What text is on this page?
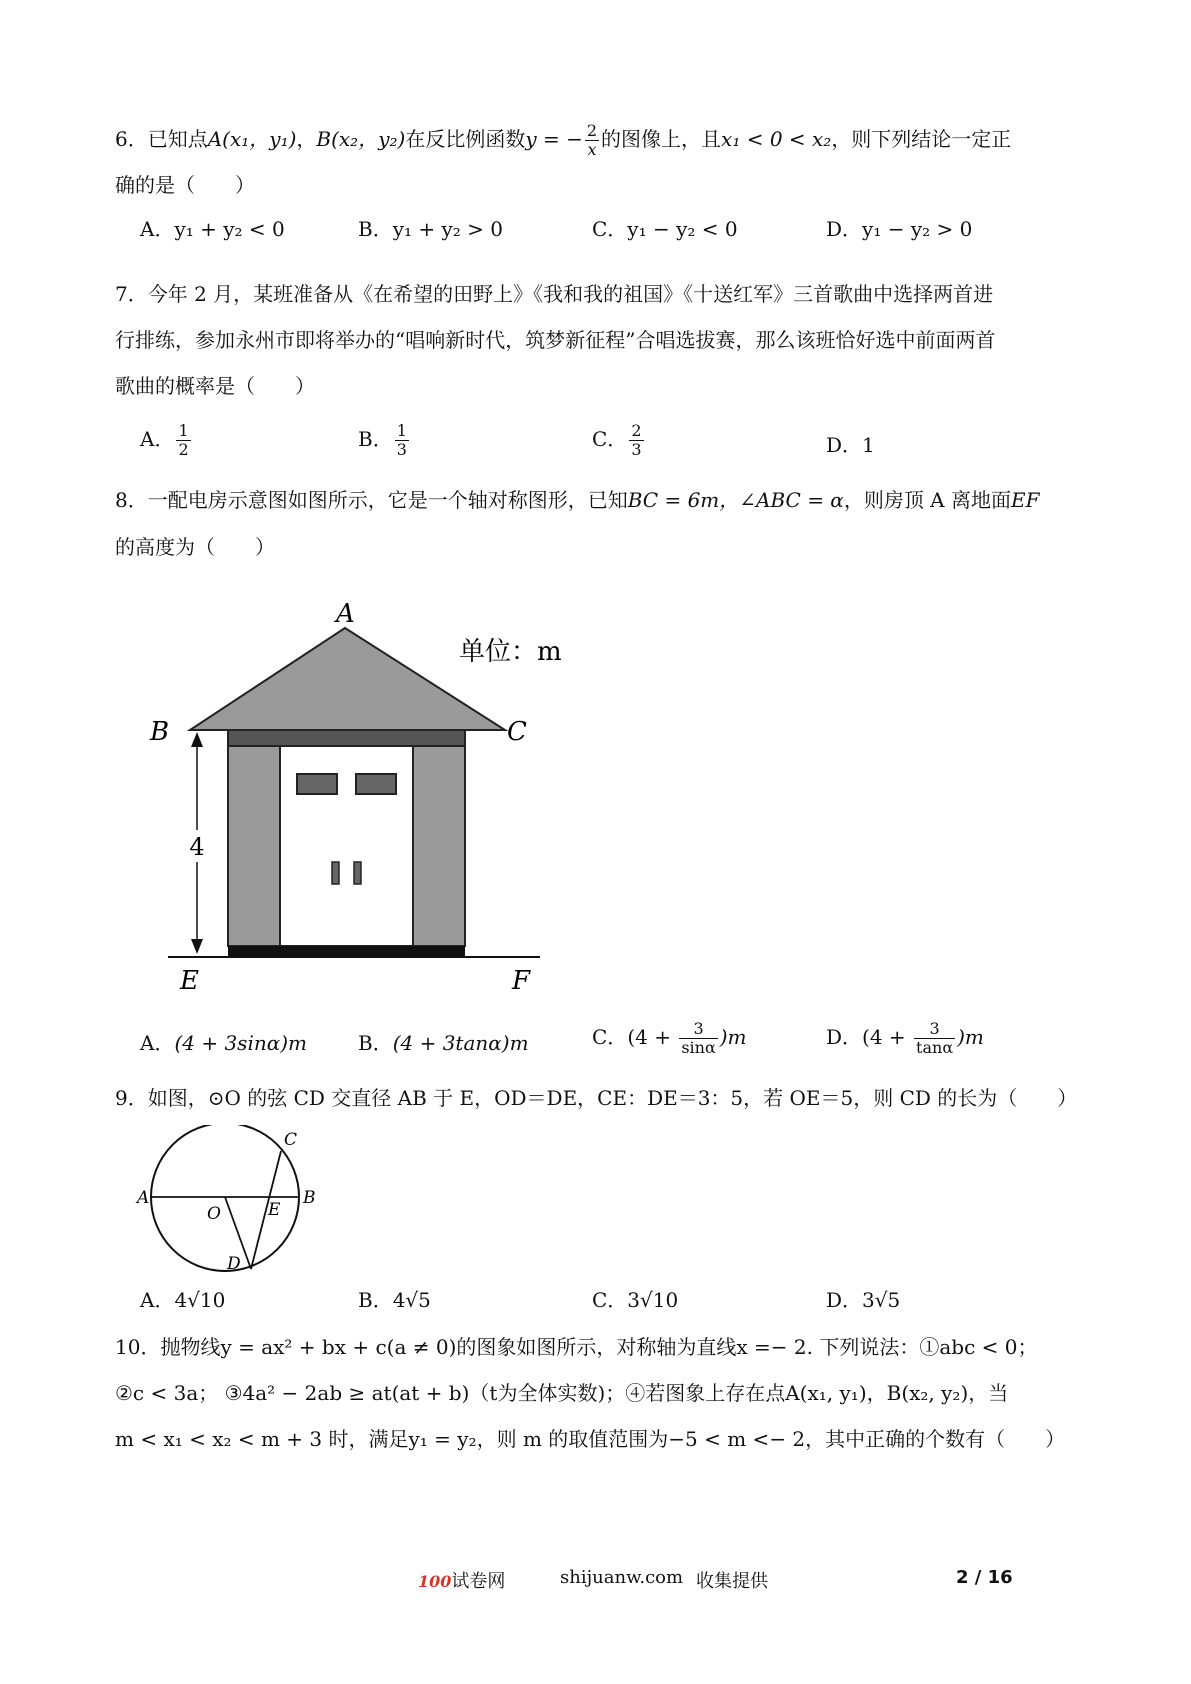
6．已知点A(x₁，y₁)，B(x₂，y₂)在反比例函数y = − $\frac{2}{x}$ 的图像上，且x₁ < 0 < x₂，则下列结论一定正
确的是（　　）
A．y₁ + y₂ < 0	B．y₁ + y₂ > 0	C．y₁ − y₂ < 0	D．y₁ − y₂ > 0
7．今年 2 月，某班准备从《在希望的田野上》《我和我的祖国》《十送红军》三首歌曲中选择两首进
行排练，参加永州市即将举办的“唱响新时代，筑梦新征程”合唱选拔赛，那么该班恰好选中前面两首
歌曲的概率是（　　）
A． $\frac{1}{2}$	B． $\frac{1}{3}$	C． $\frac{2}{3}$	D．1
8．一配电房示意图如图所示，它是一个轴对称图形，已知BC = 6m，∠ABC = α，则房顶 A 离地面EF
的高度为（　　）
4
A
B	C
E	F
单位：m
A．(4 + 3sinα)m	B．(4 + 3tanα)m	C．$(4 + \frac{3}{\sin\alpha} )m$	D．$(4 + \frac{3}{\tan\alpha} )m$
9．如图，⊙O 的弦 CD 交直径 AB 于 E，OD＝DE，CE：DE＝3：5，若 OE＝5，则 CD 的长为（　　）
A	B
C
D
E
O
A．4√10	B．4√5	C．3√10	D．3√5
10．抛物线y = ax² + bx + c(a ≠ 0)的图象如图所示，对称轴为直线x =− 2. 下列说法：①abc < 0；
②c < 3a； ③4a² − 2ab ≥ at(at + b)（t为全体实数)；④若图象上存在点A(x₁, y₁)，B(x₂, y₂)，当
m < x₁ < x₂ < m + 3 时，满足y₁ = y₂，则 m 的取值范围为−5 < m <− 2，其中正确的个数有（　　）
100试卷网	shijuanw.com 收集提供	2 / 16
